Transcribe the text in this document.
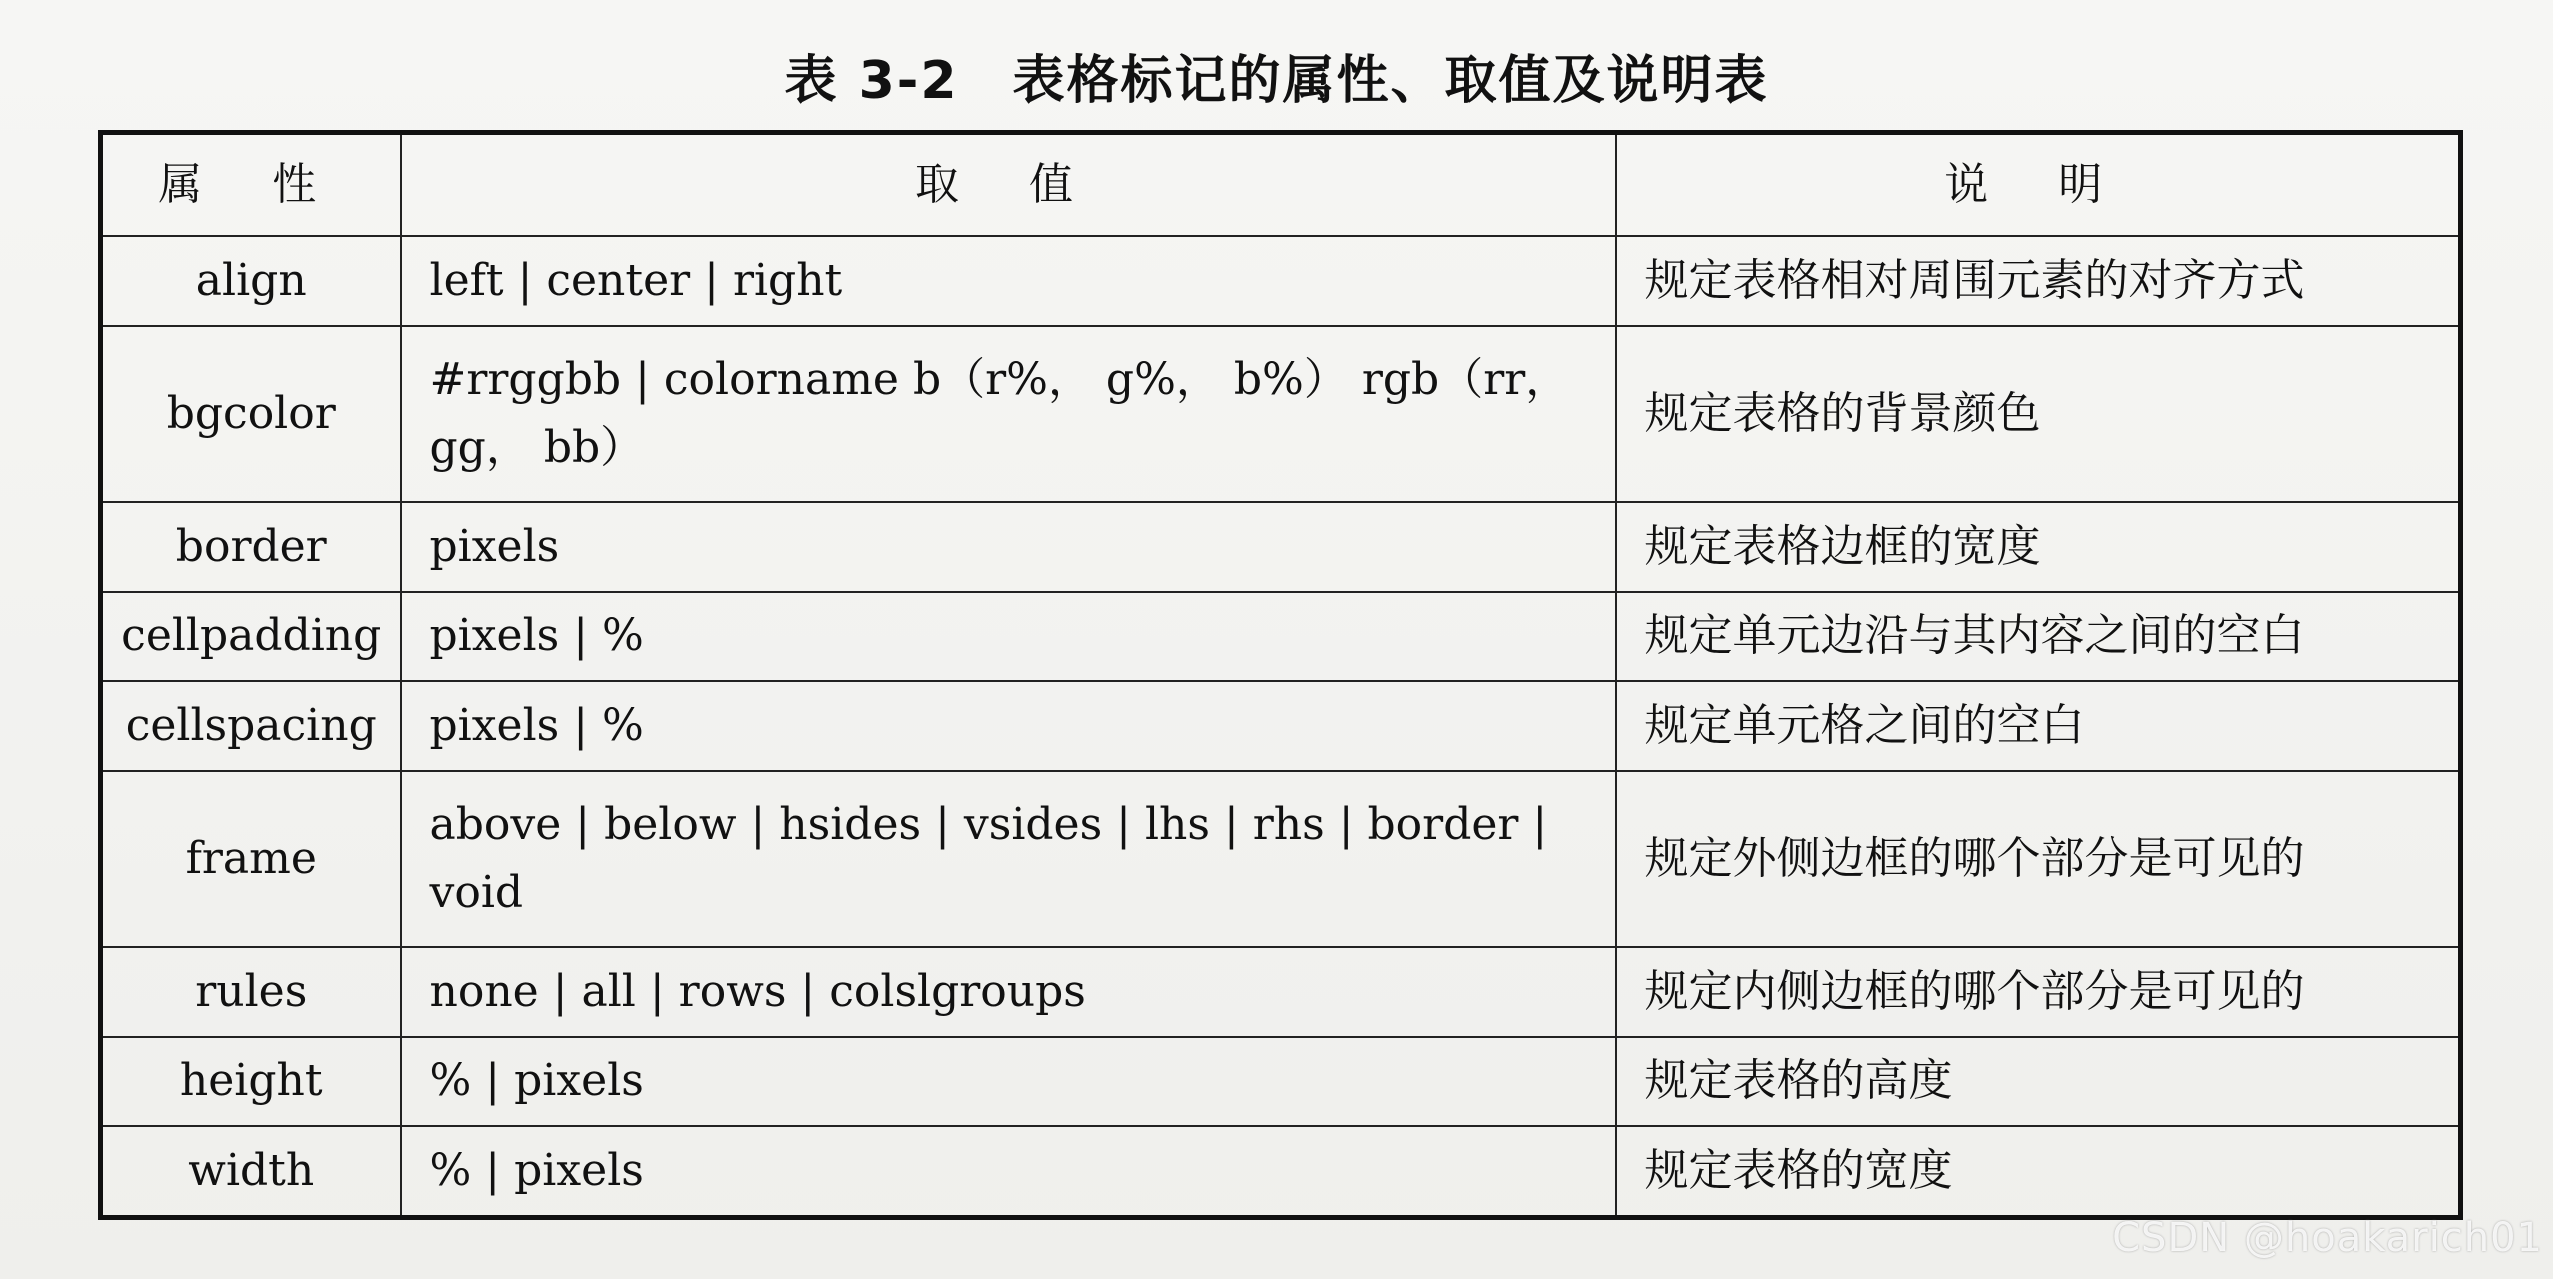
表 3-2　表格标记的属性、取值及说明表
属 性	取 值	说 明
align	left | center | right	规定表格相对周围元素的对齐方式
bgcolor	#rrggbb | colorname b（r%， g%， b%） rgb（rr， gg， bb）	规定表格的背景颜色
border	pixels	规定表格边框的宽度
cellpadding	pixels | %	规定单元边沿与其内容之间的空白
cellspacing	pixels | %	规定单元格之间的空白
frame	above | below | hsides | vsides | lhs | rhs | border | void	规定外侧边框的哪个部分是可见的
rules	none | all | rows | colslgroups	规定内侧边框的哪个部分是可见的
height	% | pixels	规定表格的高度
width	% | pixels	规定表格的宽度
CSDN @hoakarich01
